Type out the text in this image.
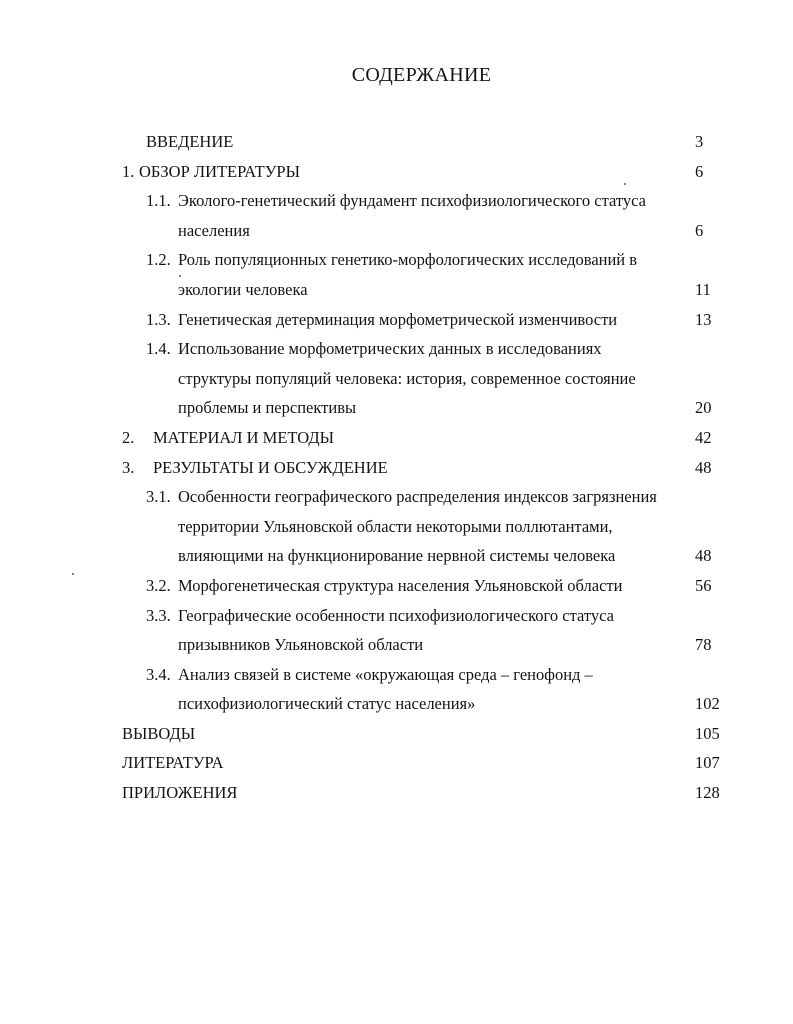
СОДЕРЖАНИЕ
ВВЕДЕНИЕ	3
1. ОБЗОР ЛИТЕРАТУРЫ	6
1.1. Эколого-генетический фундамент психофизиологического статуса
населения	6
1.2. Роль популяционных генетико-морфологических исследований в
экологии человека	11
1.3. Генетическая детерминация морфометрической изменчивости	13
1.4. Использование морфометрических данных в исследованиях
структуры популяций человека: история, современное состояние
проблемы и перспективы	20
2. МАТЕРИАЛ И МЕТОДЫ	42
3. РЕЗУЛЬТАТЫ И ОБСУЖДЕНИЕ	48
3.1. Особенности географического распределения индексов загрязнения
территории Ульяновской области некоторыми поллютантами,
влияющими на функционирование нервной системы человека	48
3.2. Морфогенетическая структура населения Ульяновской области	56
3.3. Географические особенности психофизиологического статуса
призывников Ульяновской области	78
3.4. Анализ связей в системе «окружающая среда – генофонд –
психофизиологический статус населения»	102
ВЫВОДЫ	105
ЛИТЕРАТУРА	107
ПРИЛОЖЕНИЯ	128
